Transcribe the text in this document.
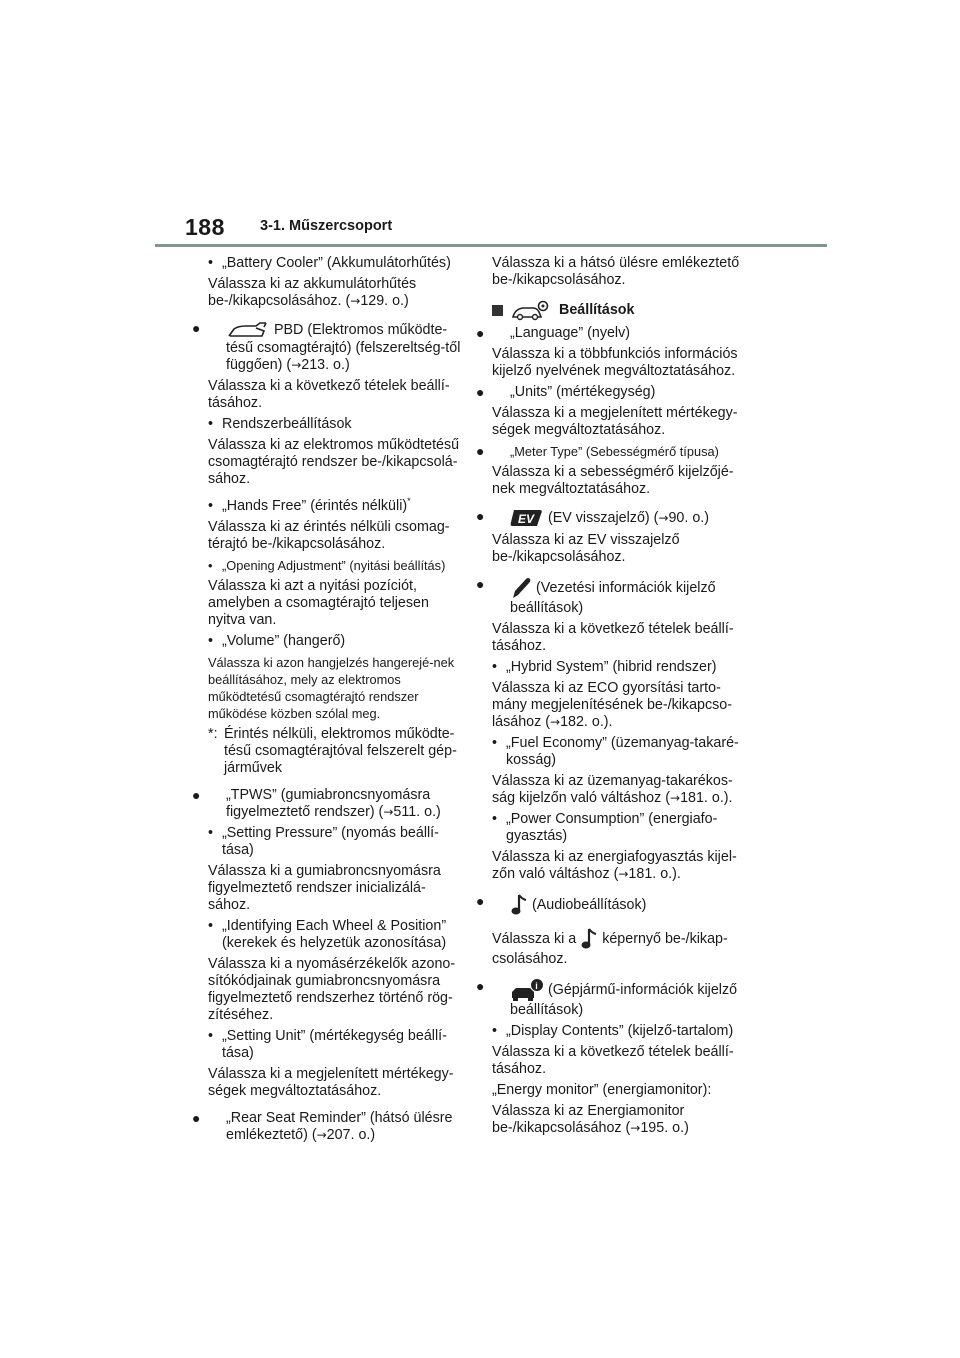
188 3-1. Műszercsoport

• „Battery Cooler” (Akkumulátorhűtés)

Válassza ki az akkumulátorhűtés be-/kikapcsolásához. (→129. o.)

●	PBD (Elektromos működte-tésű csomagtérajtó) (felszereltség-től függően) (→213. o.)

Válassza ki a következő tételek beállí-tásához.

• Rendszerbeállítások

Válassza ki az elektromos működtetésű csomagtérajtó rendszer be-/kikapcsolá-sához.

• „Hands Free” (érintés nélküli)*

Válassza ki az érintés nélküli csomag-térajtó be-/kikapcsolásához.

• „Opening Adjustment” (nyitási beállítás)

Válassza ki azt a nyitási pozíciót, amelyben a csomagtérajtó teljesen nyitva van.

• „Volume” (hangerő)

Válassza ki azon hangjelzés hangerejé-nek beállításához, mely az elektromos működtetésű csomagtérajtó rendszer működése közben szólal meg.

*: Érintés nélküli, elektromos működte-tésű csomagtérajtóval felszerelt gép-járművek

● „TPWS” (gumiabroncsnyomásra figyelmeztető rendszer) (→511. o.)

• „Setting Pressure” (nyomás beállí-tása)

Válassza ki a gumiabroncsnyomásra figyelmeztető rendszer inicializálá-sához.

• „Identifying Each Wheel & Position” (kerekek és helyzetük azonosítása)

Válassza ki a nyomásérzékelők azono-sítókódjainak gumiabroncsnyomásra figyelmeztető rendszerhez történő rög-zítéséhez.

• „Setting Unit” (mértékegység beállí-tása)

Válassza ki a megjelenített mértékegy-ségek megváltoztatásához.

● „Rear Seat Reminder” (hátsó ülésre emlékeztető) (→207. o.)

Válassza ki a hátsó ülésre emlékeztető be-/kikapcsolásához.

Beállítások

● „Language” (nyelv)

Válassza ki a többfunkciós információs kijelző nyelvének megváltoztatásához.

● „Units” (mértékegység)

Válassza ki a megjelenített mértékegy-ségek megváltoztatásához.

● „Meter Type” (Sebességmérő típusa)

Válassza ki a sebességmérő kijelzőjé-nek megváltoztatásához.

●	EV (EV visszajelző) (→90. o.)

Válassza ki az EV visszajelző be-/kikapcsolásához.

●	(Vezetési információk kijelző beállítások)

Válassza ki a következő tételek beállí-tásához.

• „Hybrid System” (hibrid rendszer)

Válassza ki az ECO gyorsítási tarto-mány megjelenítésének be-/kikapcso-lásához (→182. o.).

• „Fuel Economy” (üzemanyag-takaré-kosság)

Válassza ki az üzemanyag-takarékos-ság kijelzőn való váltáshoz (→181. o.).

• „Power Consumption” (energiafo-gyasztás)

Válassza ki az energiafogyasztás kijel-zőn való váltáshoz (→181. o.).

●	(Audiobeállítások)

Válassza ki a  képernyő be-/kikap-csolásához.

●	i (Gépjármű-információk kijelző beállítások)

• „Display Contents” (kijelző-tartalom)

Válassza ki a következő tételek beállí-tásához.

„Energy monitor” (energiamonitor):

Válassza ki az Energiamonitor be-/kikapcsolásához (→195. o.)
